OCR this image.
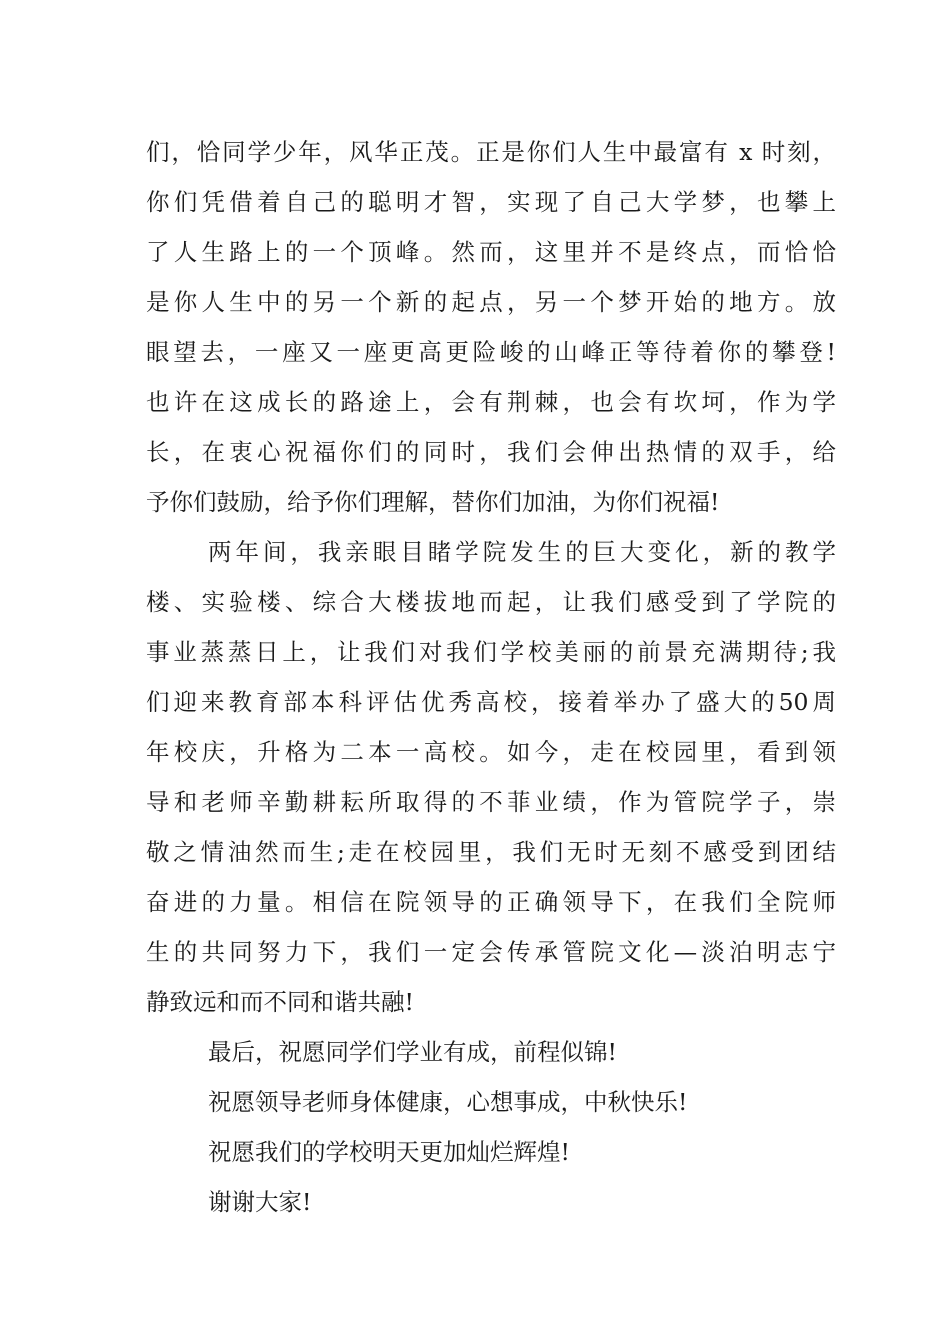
们，恰同学少年，风华正茂。正是你们人生中最富有 x 时刻，
你们凭借着自己的聪明才智，实现了自己大学梦，也攀上
了人生路上的一个顶峰。然而，这里并不是终点，而恰恰
是你人生中的另一个新的起点，另一个梦开始的地方。放
眼望去，一座又一座更高更险峻的山峰正等待着你的攀登!
也许在这成长的路途上，会有荆棘，也会有坎坷，作为学
长，在衷心祝福你们的同时，我们会伸出热情的双手，给
予你们鼓励，给予你们理解，替你们加油，为你们祝福!
两年间，我亲眼目睹学院发生的巨大变化，新的教学
楼、实验楼、综合大楼拔地而起，让我们感受到了学院的
事业蒸蒸日上，让我们对我们学校美丽的前景充满期待;我
们迎来教育部本科评估优秀高校，接着举办了盛大的50周
年校庆，升格为二本一高校。如今，走在校园里，看到领
导和老师辛勤耕耘所取得的不菲业绩，作为管院学子，崇
敬之情油然而生;走在校园里，我们无时无刻不感受到团结
奋进的力量。相信在院领导的正确领导下，在我们全院师
生的共同努力下，我们一定会传承管院文化—淡泊明志宁
静致远和而不同和谐共融!
最后，祝愿同学们学业有成，前程似锦!
祝愿领导老师身体健康，心想事成，中秋快乐!
祝愿我们的学校明天更加灿烂辉煌!
谢谢大家!
